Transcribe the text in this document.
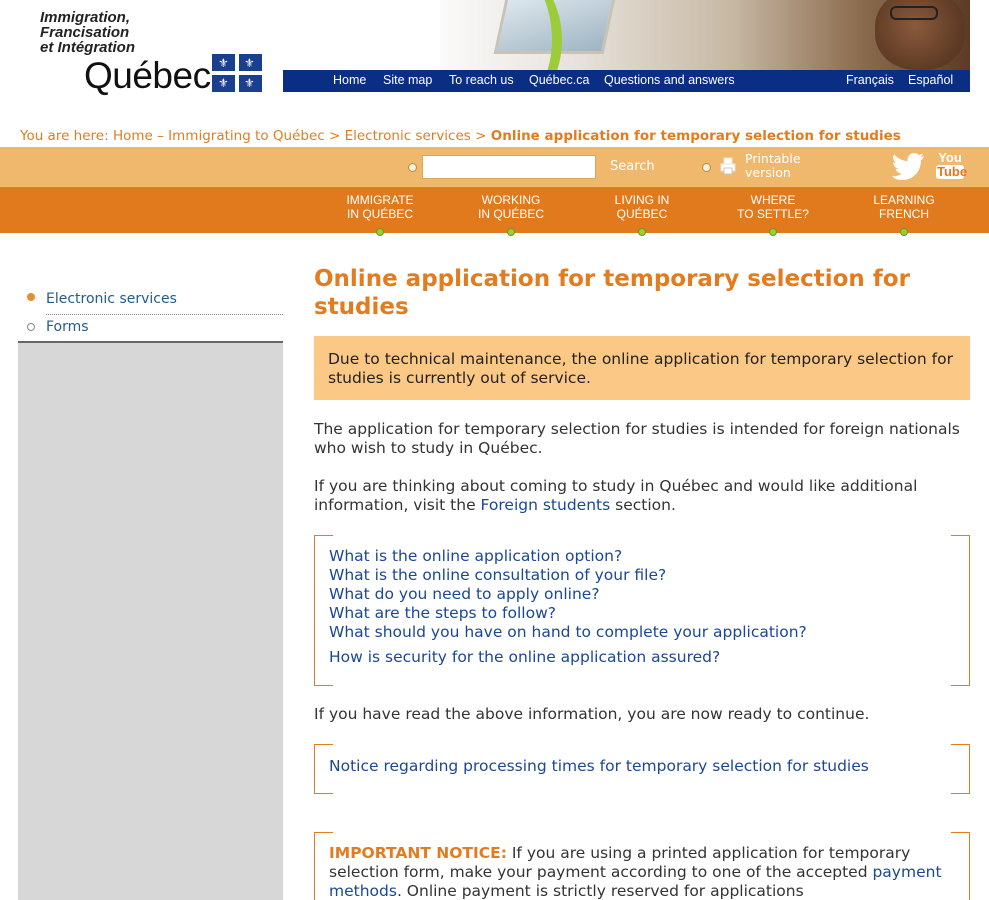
Immigration,
Francisation
et Intégration
Québec ⚜ ⚜
⚜ ⚜	Home Site map To reach us Québec.ca Questions and answers	Français Español
You are here: Home – Immigrating to Québec > Electronic services > Online application for temporary selection for studies
Search
Printable
version
You
Tube
IMMIGRATE
IN QUÉBEC
WORKING
IN QUÉBEC
LIVING IN
QUÉBEC
WHERE
TO SETTLE?
LEARNING
FRENCH
Electronic services
Forms
Online application for temporary selection for studies
Due to technical maintenance, the online application for temporary selection for studies is currently out of service.

The application for temporary selection for studies is intended for foreign nationals who wish to study in Québec.

If you are thinking about coming to study in Québec and would like additional information, visit the Foreign students section.

What is the online application option?
What is the online consultation of your file?
What do you need to apply online?
What are the steps to follow?
What should you have on hand to complete your application?
How is security for the online application assured?

If you have read the above information, you are now ready to continue.

Notice regarding processing times for temporary selection for studies
IMPORTANT NOTICE: If you are using a printed application for temporary selection form, make your payment according to one of the accepted payment methods. Online payment is strictly reserved for applications
